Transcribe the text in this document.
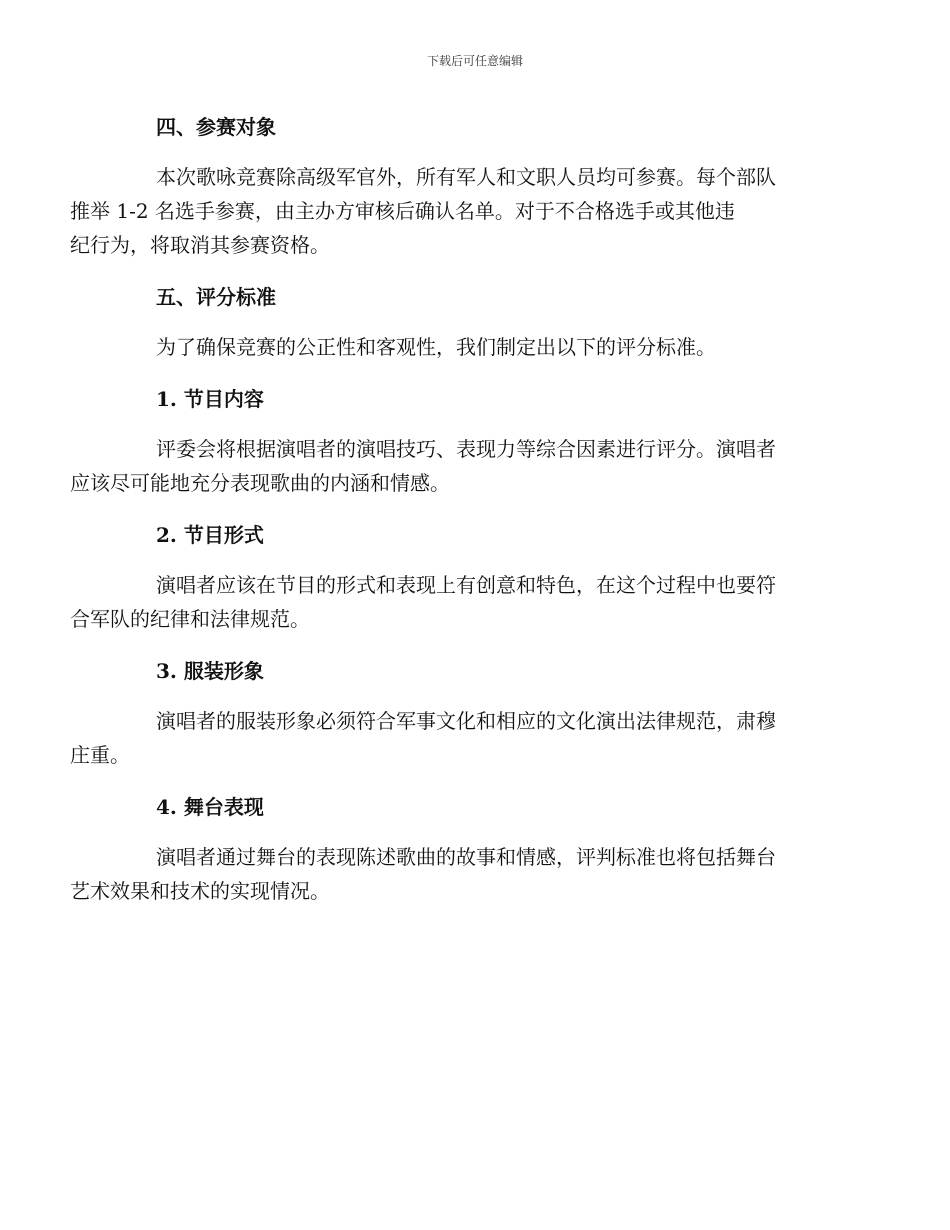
下载后可任意编辑
四、参赛对象
本次歌咏竞赛除高级军官外，所有军人和文职人员均可参赛。每个部队
推举 1-2 名选手参赛，由主办方审核后确认名单。对于不合格选手或其他违
纪行为，将取消其参赛资格。
五、评分标准
为了确保竞赛的公正性和客观性，我们制定出以下的评分标准。
1. 节目内容
评委会将根据演唱者的演唱技巧、表现力等综合因素进行评分。演唱者
应该尽可能地充分表现歌曲的内涵和情感。
2. 节目形式
演唱者应该在节目的形式和表现上有创意和特色，在这个过程中也要符
合军队的纪律和法律规范。
3. 服装形象
演唱者的服装形象必须符合军事文化和相应的文化演出法律规范，肃穆
庄重。
4. 舞台表现
演唱者通过舞台的表现陈述歌曲的故事和情感，评判标准也将包括舞台
艺术效果和技术的实现情况。
